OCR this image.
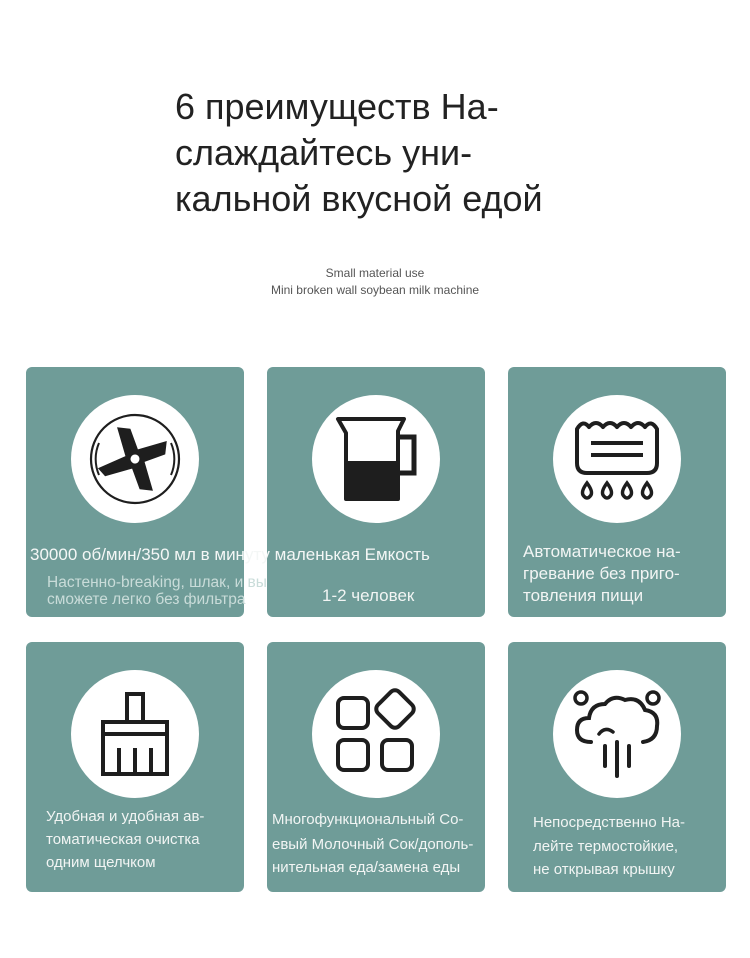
6 преимуществ На-
слаждайтесь уни-
кальной вкусной едой
Small material use
Mini broken wall soybean milk machine
1-2 человек
Автоматическое на-
гревание без приго-
товления пищи
30000 об/мин/350 мл в минуту маленькая Емкость
Настенно-breaking, шлак, и вы
сможете легко без фильтра
Удобная и удобная ав-
томатическая очистка
одним щелчком
Многофункциональный Со-
евый Молочный Сок/дополь-
нительная еда/замена еды
Непосредственно На-
лейте термостойкие,
не открывая крышку
